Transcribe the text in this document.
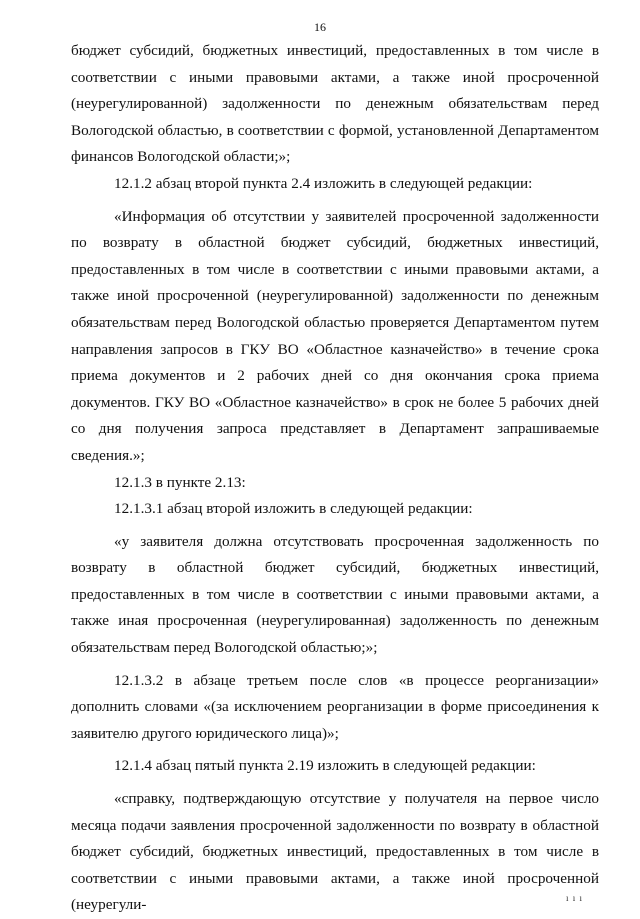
16

бюджет субсидий, бюджетных инвестиций, предоставленных в том числе в соответствии с иными правовыми актами, а также иной просроченной (неурегулированной) задолженности по денежным обязательствам перед Вологодской областью, в соответствии с формой, установленной Департаментом финансов Вологодской области;»;

12.1.2 абзац второй пункта 2.4 изложить в следующей редакции:

«Информация об отсутствии у заявителей просроченной задолженности по возврату в областной бюджет субсидий, бюджетных инвестиций, предоставленных в том числе в соответствии с иными правовыми актами, а также иной просроченной (неурегулированной) задолженности по денежным обязательствам перед Вологодской областью проверяется Департаментом путем направления запросов в ГКУ ВО «Областное казначейство» в течение срока приема документов и 2 рабочих дней со дня окончания срока приема документов. ГКУ ВО «Областное казначейство» в срок не более 5 рабочих дней со дня получения запроса представляет в Департамент запрашиваемые сведения.»;

12.1.3 в пункте 2.13:

12.1.3.1 абзац второй изложить в следующей редакции:

«у заявителя должна отсутствовать просроченная задолженность по возврату в областной бюджет субсидий, бюджетных инвестиций, предоставленных в том числе в соответствии с иными правовыми актами, а также иная просроченная (неурегулированная) задолженность по денежным обязательствам перед Вологодской областью;»;

12.1.3.2 в абзаце третьем после слов «в процессе реорганизации» дополнить словами «(за исключением реорганизации в форме присоединения к заявителю другого юридического лица)»;

12.1.4 абзац пятый пункта 2.19 изложить в следующей редакции:

«справку, подтверждающую отсутствие у получателя на первое число месяца подачи заявления просроченной задолженности по возврату в областной бюджет субсидий, бюджетных инвестиций, предоставленных в том числе в соответствии с иными правовыми актами, а также иной просроченной (неурегули-	ı ı ı
